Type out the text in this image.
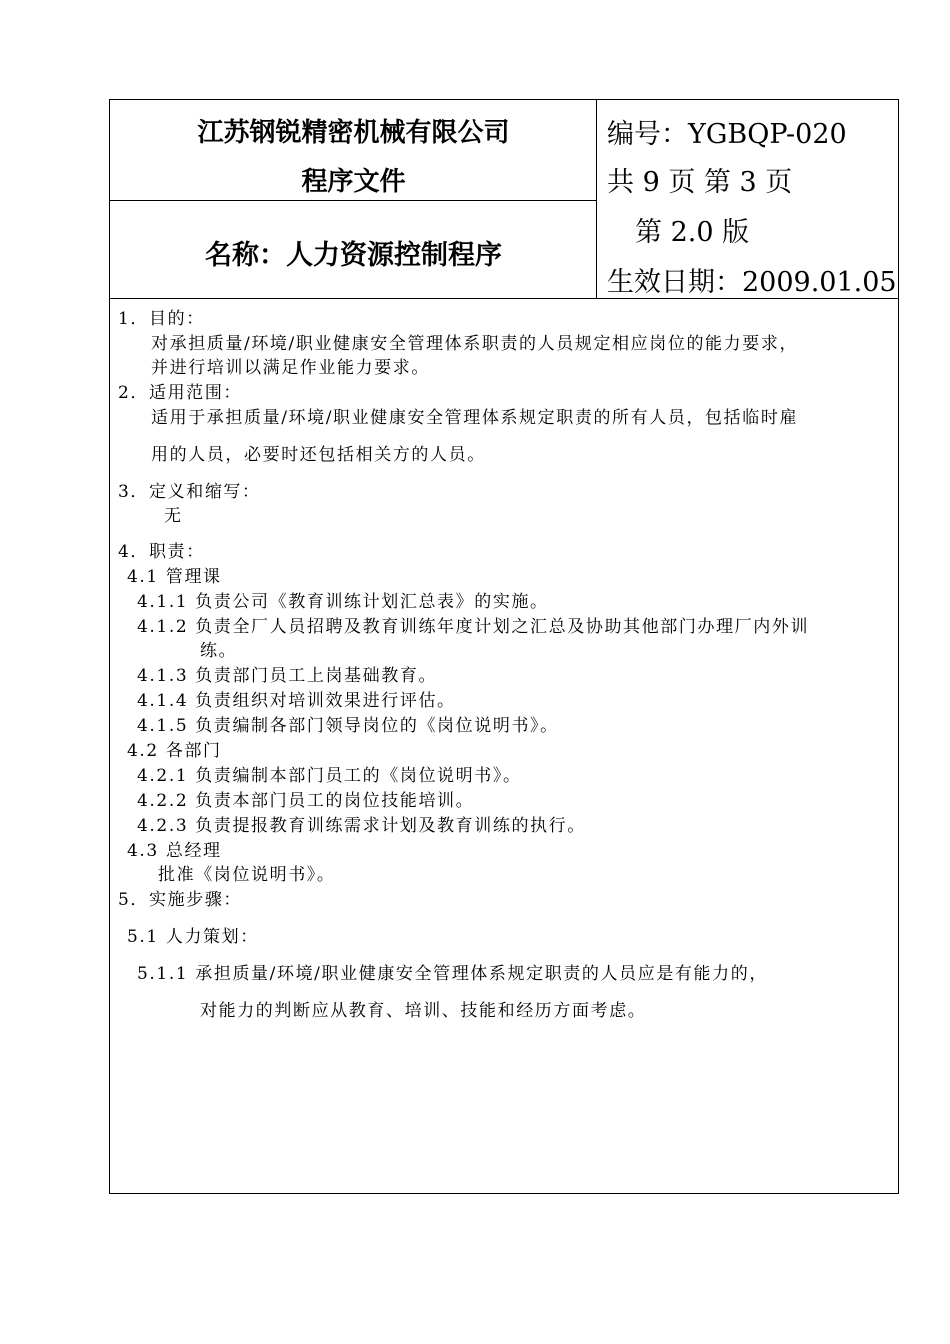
江苏钢锐精密机械有限公司
程序文件
名称：人力资源控制程序
编号：YGBQP-020
共 9 页 第 3 页
第 2.0 版
生效日期：2009.01.05
1．目的：
对承担质量/环境/职业健康安全管理体系职责的人员规定相应岗位的能力要求，
并进行培训以满足作业能力要求。
2．适用范围：
适用于承担质量/环境/职业健康安全管理体系规定职责的所有人员，包括临时雇
用的人员，必要时还包括相关方的人员。
3．定义和缩写：
无
4．职责：
4.1 管理课
4.1.1 负责公司《教育训练计划汇总表》的实施。
4.1.2 负责全厂人员招聘及教育训练年度计划之汇总及协助其他部门办理厂内外训
练。
4.1.3 负责部门员工上岗基础教育。
4.1.4 负责组织对培训效果进行评估。
4.1.5 负责编制各部门领导岗位的《岗位说明书》。
4.2 各部门
4.2.1 负责编制本部门员工的《岗位说明书》。
4.2.2 负责本部门员工的岗位技能培训。
4.2.3 负责提报教育训练需求计划及教育训练的执行。
4.3 总经理
批准《岗位说明书》。
5．实施步骤：
5.1 人力策划：
5.1.1 承担质量/环境/职业健康安全管理体系规定职责的人员应是有能力的，
对能力的判断应从教育、培训、技能和经历方面考虑。
